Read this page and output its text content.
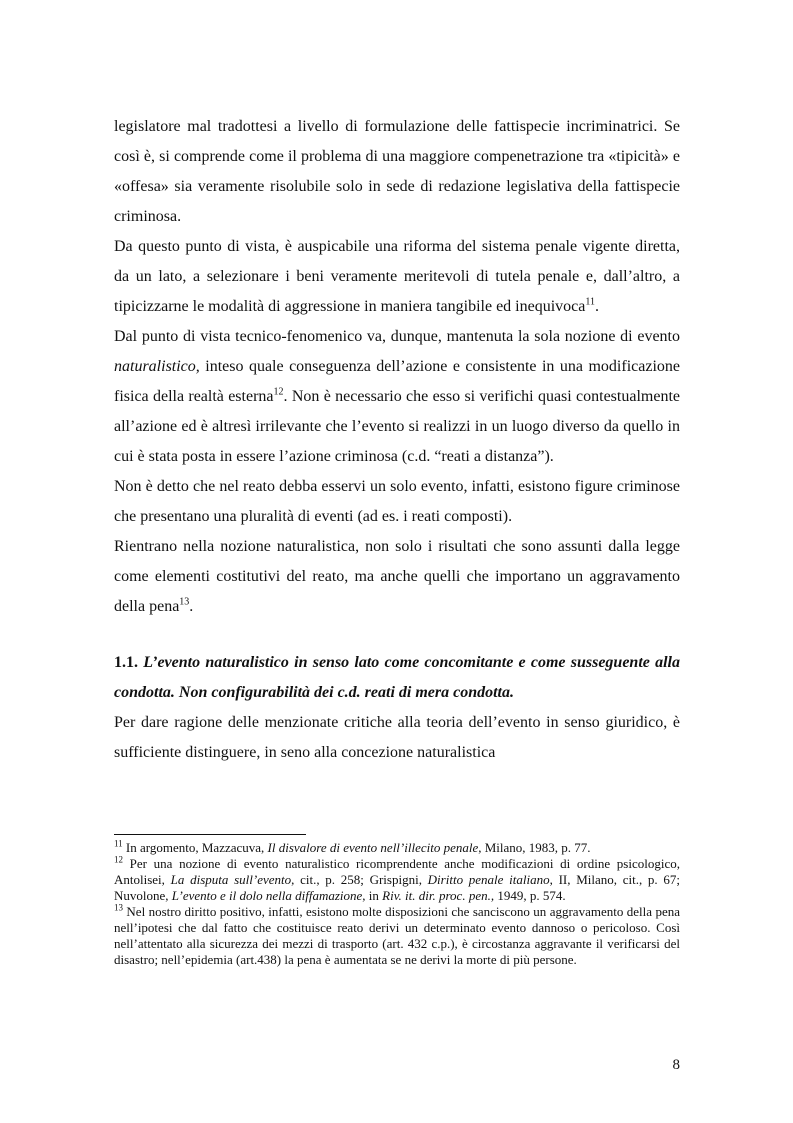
legislatore mal tradottesi a livello di formulazione delle fattispecie incriminatrici. Se così è, si comprende come il problema di una maggiore compenetrazione tra «tipicità» e «offesa» sia veramente risolubile solo in sede di redazione legislativa della fattispecie criminosa.

Da questo punto di vista, è auspicabile una riforma del sistema penale vigente diretta, da un lato, a selezionare i beni veramente meritevoli di tutela penale e, dall’altro, a tipicizzarne le modalità di aggressione in maniera tangibile ed inequivoca$^{11}$.

Dal punto di vista tecnico-fenomenico va, dunque, mantenuta la sola nozione di evento naturalistico, inteso quale conseguenza dell’azione e consistente in una modificazione fisica della realtà esterna$^{12}$. Non è necessario che esso si verifichi quasi contestualmente all’azione ed è altresì irrilevante che l’evento si realizzi in un luogo diverso da quello in cui è stata posta in essere l’azione criminosa (c.d. “reati a distanza”).

Non è detto che nel reato debba esservi un solo evento, infatti, esistono figure criminose che presentano una pluralità di eventi (ad es. i reati composti).

Rientrano nella nozione naturalistica, non solo i risultati che sono assunti dalla legge come elementi costitutivi del reato, ma anche quelli che importano un aggravamento della pena$^{13}$.

1.1. L’evento naturalistico in senso lato come concomitante e come susseguente alla condotta. Non configurabilità dei c.d. reati di mera condotta.

Per dare ragione delle menzionate critiche alla teoria dell’evento in senso giuridico, è sufficiente distinguere, in seno alla concezione naturalistica

$^{11}$ In argomento, Mazzacuva, Il disvalore di evento nell’illecito penale, Milano, 1983, p. 77.

$^{12}$ Per una nozione di evento naturalistico ricomprendente anche modificazioni di ordine psicologico, Antolisei, La disputa sull’evento, cit., p. 258; Grispigni, Diritto penale italiano, II, Milano, cit., p. 67; Nuvolone, L’evento e il dolo nella diffamazione, in Riv. it. dir. proc. pen., 1949, p. 574.

$^{13}$ Nel nostro diritto positivo, infatti, esistono molte disposizioni che sanciscono un aggravamento della pena nell’ipotesi che dal fatto che costituisce reato derivi un determinato evento dannoso o pericoloso. Così nell’attentato alla sicurezza dei mezzi di trasporto (art. 432 c.p.), è circostanza aggravante il verificarsi del disastro; nell’epidemia (art.438) la pena è aumentata se ne derivi la morte di più persone.

8
